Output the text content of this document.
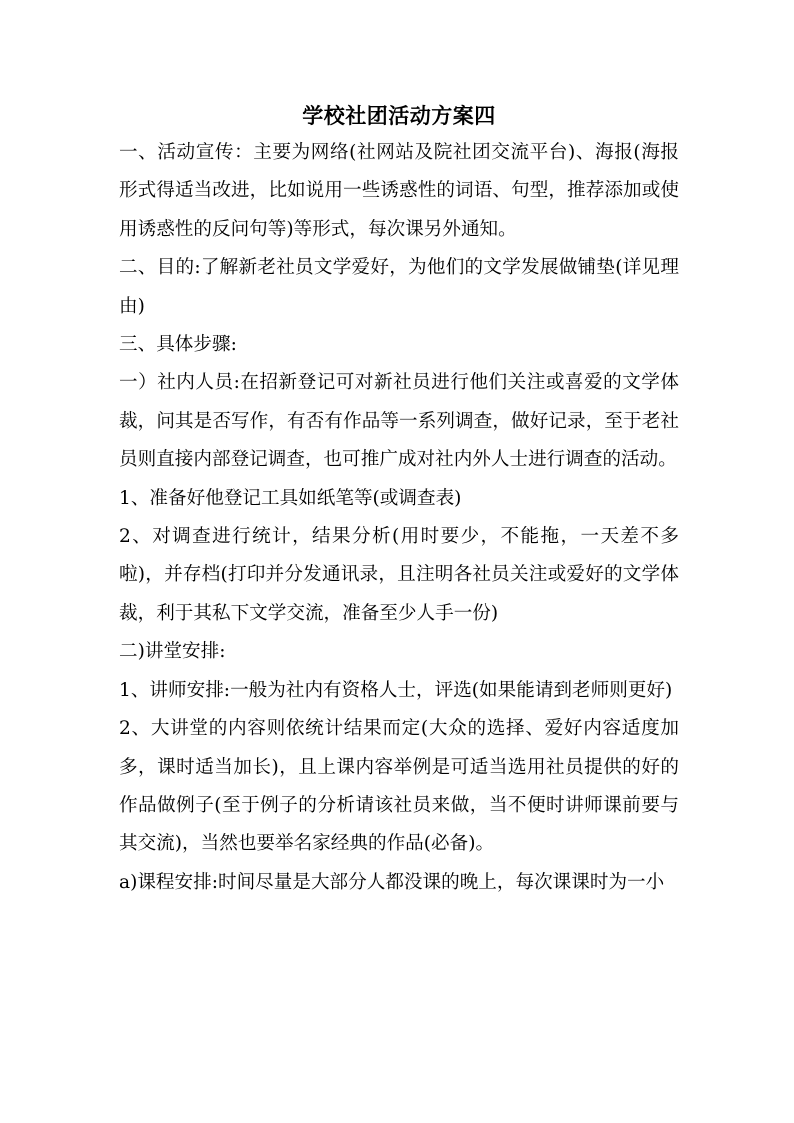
学校社团活动方案四

一、活动宣传：主要为网络(社网站及院社团交流平台)、海报(海报形式得适当改进，比如说用一些诱惑性的词语、句型，推荐添加或使用诱惑性的反问句等)等形式，每次课另外通知。

二、目的:了解新老社员文学爱好，为他们的文学发展做铺垫(详见理由)

三、具体步骤:

一）社内人员:在招新登记可对新社员进行他们关注或喜爱的文学体裁，问其是否写作，有否有作品等一系列调查，做好记录，至于老社员则直接内部登记调查，也可推广成对社内外人士进行调查的活动。

1、准备好他登记工具如纸笔等(或调查表)

2、对调查进行统计，结果分析(用时要少，不能拖，一天差不多啦)，并存档(打印并分发通讯录，且注明各社员关注或爱好的文学体裁，利于其私下文学交流，准备至少人手一份)

二)讲堂安排:

1、讲师安排:一般为社内有资格人士，评选(如果能请到老师则更好)

2、大讲堂的内容则依统计结果而定(大众的选择、爱好内容适度加多，课时适当加长)，且上课内容举例是可适当选用社员提供的好的作品做例子(至于例子的分析请该社员来做，当不便时讲师课前要与其交流)，当然也要举名家经典的作品(必备)。

a)课程安排:时间尽量是大部分人都没课的晚上，每次课课时为一小
